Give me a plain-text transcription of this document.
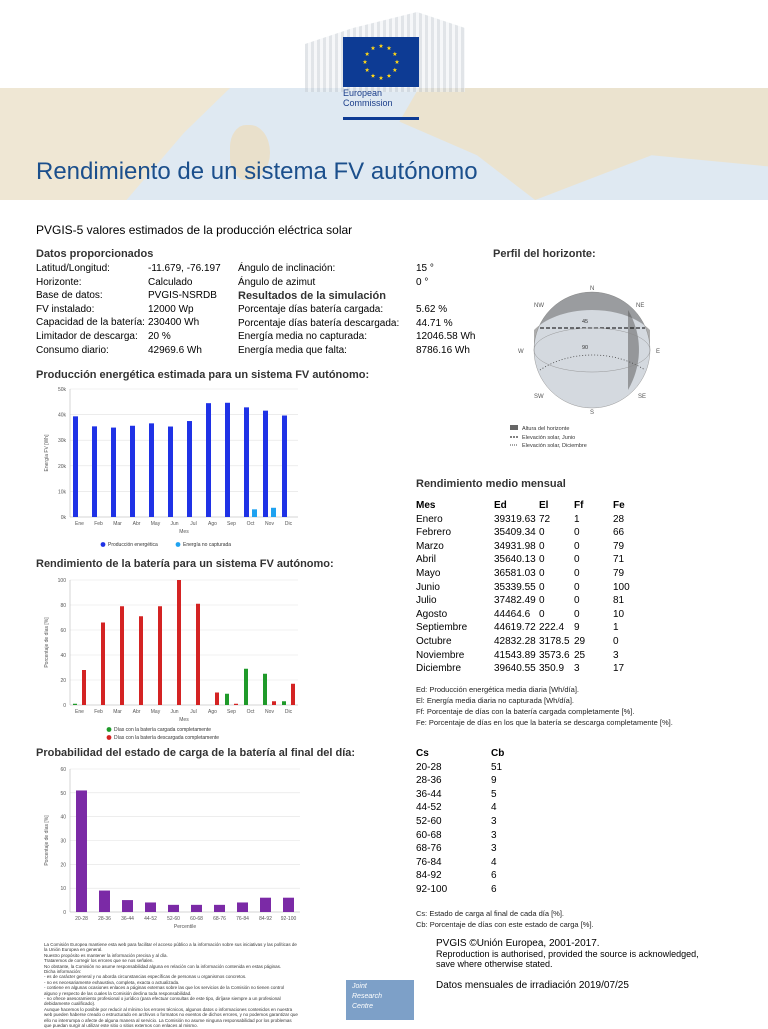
European
Commission
Rendimiento de un sistema FV autónomo
PVGIS-5 valores estimados de la producción eléctrica solar
Datos proporcionados
Latitud/Longitud:	-11.679, -76.197
Horizonte:	Calculado
Base de datos:	PVGIS-NSRDB
FV instalado:	12000 Wp
Capacidad de la batería:	230400 Wh
Limitador de descarga:	20 %
Consumo diario:	42969.6 Wh
Ángulo de inclinación:	15 °
Ángulo de azimut	0 °
Resultados de la simulación
Porcentaje días batería cargada:	5.62 %
Porcentaje días batería descargada:	44.71 %
Energía media no capturada:	12046.58 Wh
Energía media que falta:	8786.16 Wh
Perfil del horizonte:
N
NE
E
SE
S
SW
W
NW
45
90
Altura del horizonte
Elevación solar, Junio
Elevación solar, Diciembre
Producción energética estimada para un sistema FV autónomo:
0k
10k
20k
30k
40k
50k
Energía FV [Wh]
Ene Feb Mar Abr May Jun Jul Ago Sep Oct Nov Dic
Mes
Producción energética	Energía no capturada
Rendimiento de la batería para un sistema FV autónomo:
0
20
40
60
80
100
Porcentaje de días [%]
Ene Feb Mar Abr May Jun Jul Ago Sep Oct Nov Dic
Mes
Días con la batería cargada completamente
Días con la batería descargada completamente
Probabilidad del estado de carga de la batería al final del día:
0
10
20
30
40
50
60
Porcentaje de días [%]
20-28 28-36 36-44 44-52 52-60 60-68 68-76 76-84 84-92 92-100
Percentile
Rendimiento medio mensual
Mes	Ed	El	Ff	Fe
Enero	39319.63	72	1	28
Febrero	35409.34	0	0	66
Marzo	34931.98	0	0	79
Abril	35640.13	0	0	71
Mayo	36581.03	0	0	79
Junio	35339.55	0	0	100
Julio	37482.49	0	0	81
Agosto	44464.6	0	0	10
Septiembre	44619.72	222.4	9	1
Octubre	42832.28	3178.5	29	0
Noviembre	41543.89	3573.6	25	3
Diciembre	39640.55	350.9	3	17
Ed: Producción energética media diaria [Wh/día].
El: Energía media diaria no capturada [Wh/día].
Ff: Porcentaje de días con la batería cargada completamente [%].
Fe: Porcentaje de días en los que la batería se descarga completamente [%].
Cs	Cb
20-28	51
28-36	9
36-44	5
44-52	4
52-60	3
60-68	3
68-76	3
76-84	4
84-92	6
92-100	6
Cs: Estado de carga al final de cada día [%].
Cb: Porcentaje de días con este estado de carga [%].
La Comisión Europea mantiene esta web para facilitar el acceso público a la información sobre sus iniciativas y las políticas de
la Unión Europea en general.
Nuestro propósito es mantener la información precisa y al día.
Trataremos de corregir los errores que se nos señalen.
No obstante, la Comisión no asume responsabilidad alguna en relación con la información contenida en estas páginas.
Dicha información:
- es de carácter general y no aborda circunstancias específicas de personas u organismos concretos.
- no es necesariamente exhaustiva, completa, exacta o actualizada.
- contiene en algunas ocasiones enlaces a páginas externas sobre las que los servicios de la Comisión no tienen control
alguno y respecto de las cuales la Comisión declina toda responsabilidad.
- no ofrece asesoramiento profesional o jurídico (para efectuar consultas de este tipo, diríjase siempre a un profesional
debidamente cualificado).
Aunque hacemos lo posible por reducir al mínimo los errores técnicos, algunos datos o informaciones contenidos en nuestra
web pueden haberse creado o estructurado en archivos o formatos no exentos de dichos errores, y no podemos garantizar que
ello no interrumpa o afecte de alguna manera al servicio. La Comisión no asume ninguna responsabilidad por los problemas
que puedan surgir al utilizar este sitio o sitios externos con enlaces al mismo.
Joint
Research
Centre
PVGIS ©Unión Europea, 2001-2017.
Reproduction is authorised, provided the source is acknowledged,
save where otherwise stated.
Datos mensuales de irradiación 2019/07/25
